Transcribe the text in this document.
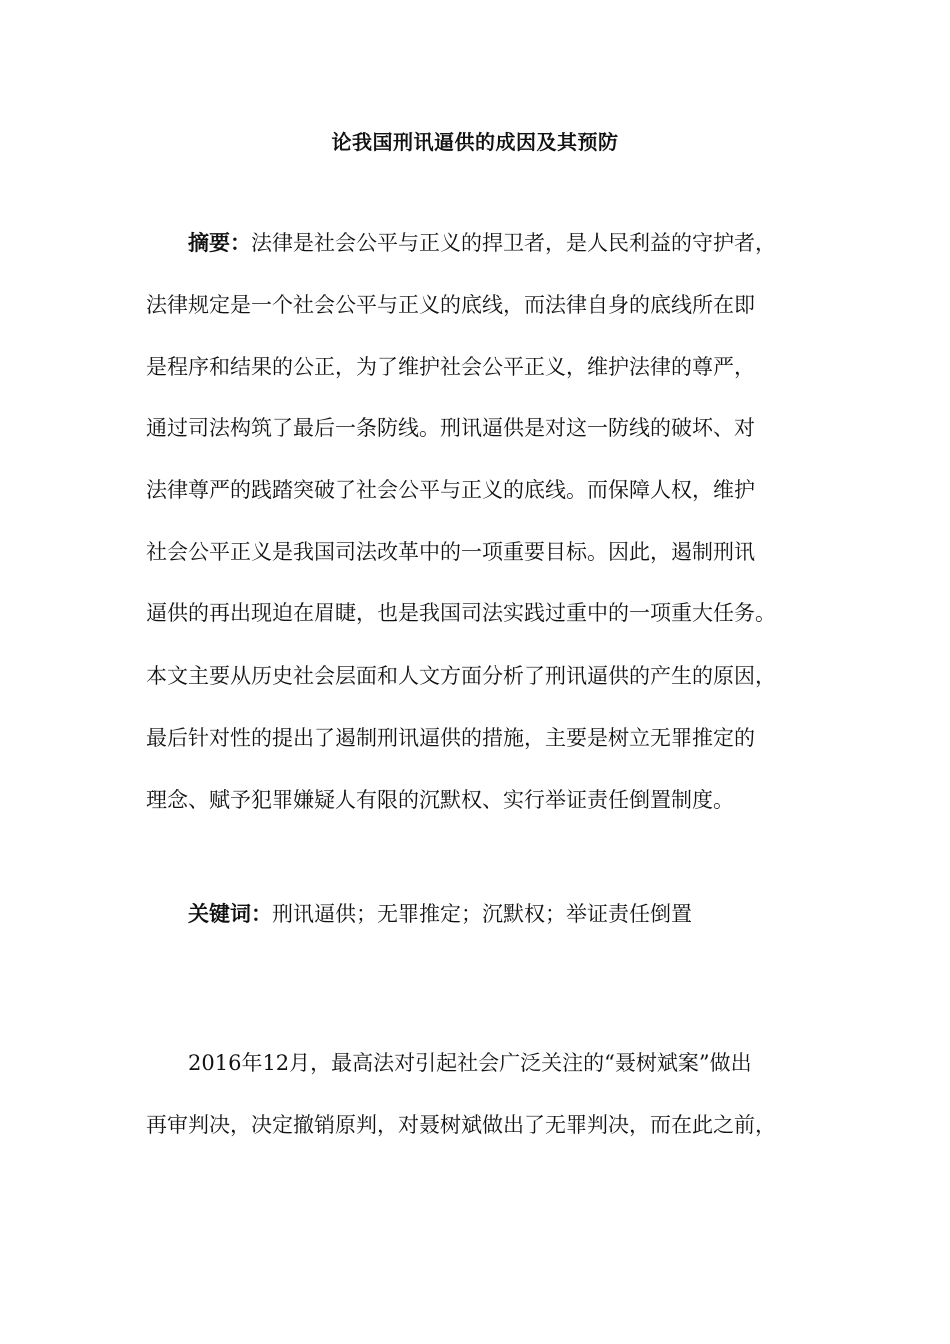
论我国刑讯逼供的成因及其预防
摘要：法律是社会公平与正义的捍卫者，是人民利益的守护者，
法律规定是一个社会公平与正义的底线，而法律自身的底线所在即
是程序和结果的公正，为了维护社会公平正义，维护法律的尊严，
通过司法构筑了最后一条防线。刑讯逼供是对这一防线的破坏、对
法律尊严的践踏突破了社会公平与正义的底线。而保障人权，维护
社会公平正义是我国司法改革中的一项重要目标。因此，遏制刑讯
逼供的再出现迫在眉睫，也是我国司法实践过重中的一项重大任务。
本文主要从历史社会层面和人文方面分析了刑讯逼供的产生的原因，
最后针对性的提出了遏制刑讯逼供的措施，主要是树立无罪推定的
理念、赋予犯罪嫌疑人有限的沉默权、实行举证责任倒置制度。
关键词：刑讯逼供；无罪推定；沉默权；举证责任倒置
2016年12月，最高法对引起社会广泛关注的“聂树斌案”做出
再审判决，决定撤销原判，对聂树斌做出了无罪判决，而在此之前，
